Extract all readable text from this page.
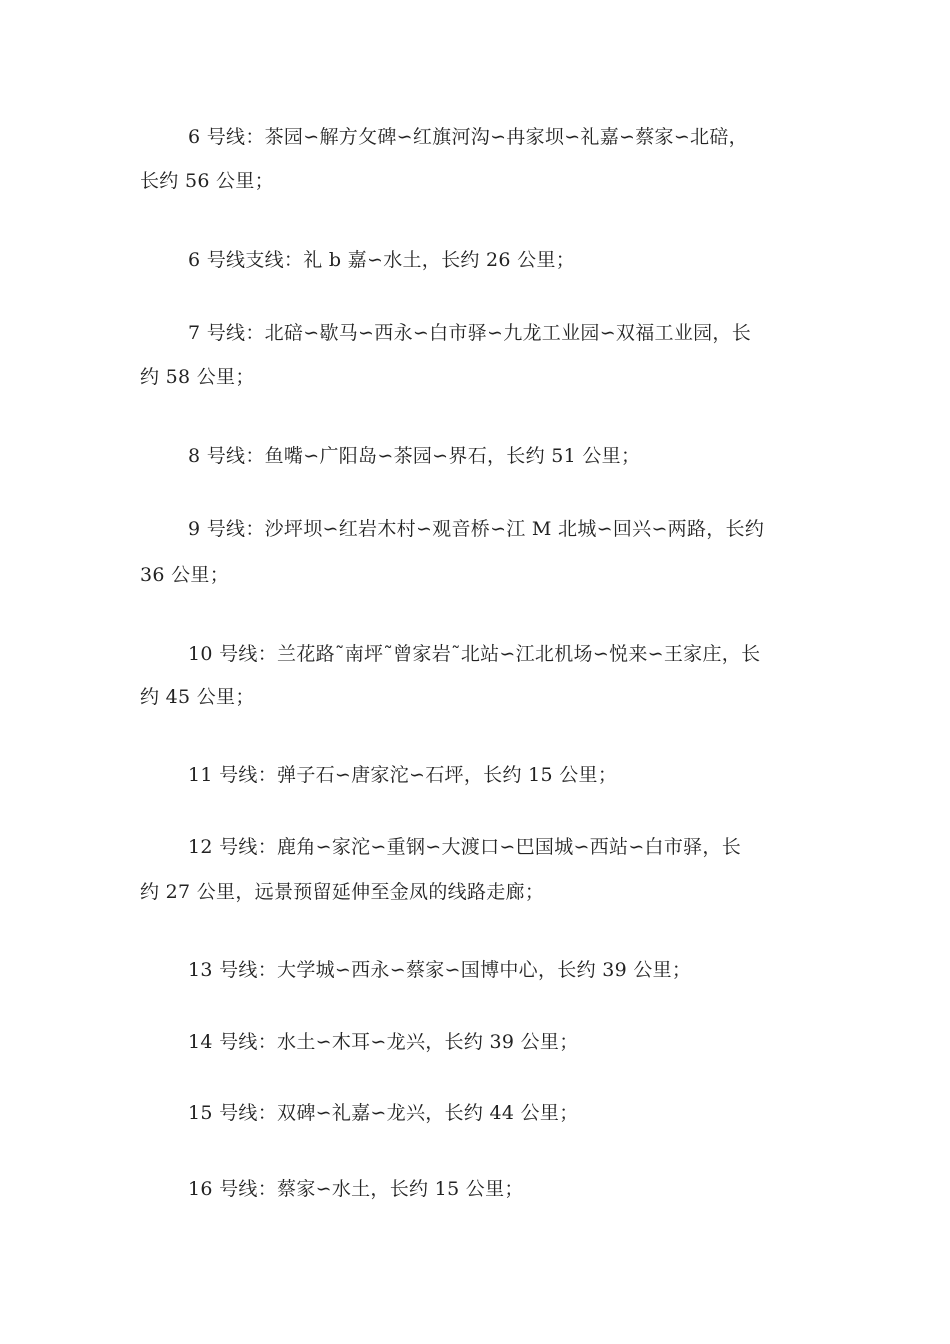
6 号线：茶园∽解方攵碑∽红旗河沟∽冉家坝∽礼嘉∽蔡家∽北碚，
长约 56 公里；
6 号线支线：礼 b 嘉∽水土，长约 26 公里；
7 号线：北碚∽歇马∽西永∽白市驿∽九龙工业园∽双福工业园，长
约 58 公里；
8 号线：鱼嘴∽广阳岛∽茶园∽界石，长约 51 公里；
9 号线：沙坪坝∽红岩木村∽观音桥∽江 M 北城∽回兴∽两路，长约
36 公里；
10 号线：兰花路˜南坪˜曾家岩˜北站∽江北机场∽悦来∽王家庄，长
约 45 公里；
11 号线：弹子石∽唐家沱∽石坪，长约 15 公里；
12 号线：鹿角∽家沱∽重钢∽大渡口∽巴国城∽西站∽白市驿，长
约 27 公里，远景预留延伸至金凤的线路走廊；
13 号线：大学城∽西永∽蔡家∽国博中心，长约 39 公里；
14 号线：水土∽木耳∽龙兴，长约 39 公里；
15 号线：双碑∽礼嘉∽龙兴，长约 44 公里；
16 号线：蔡家∽水土，长约 15 公里；
